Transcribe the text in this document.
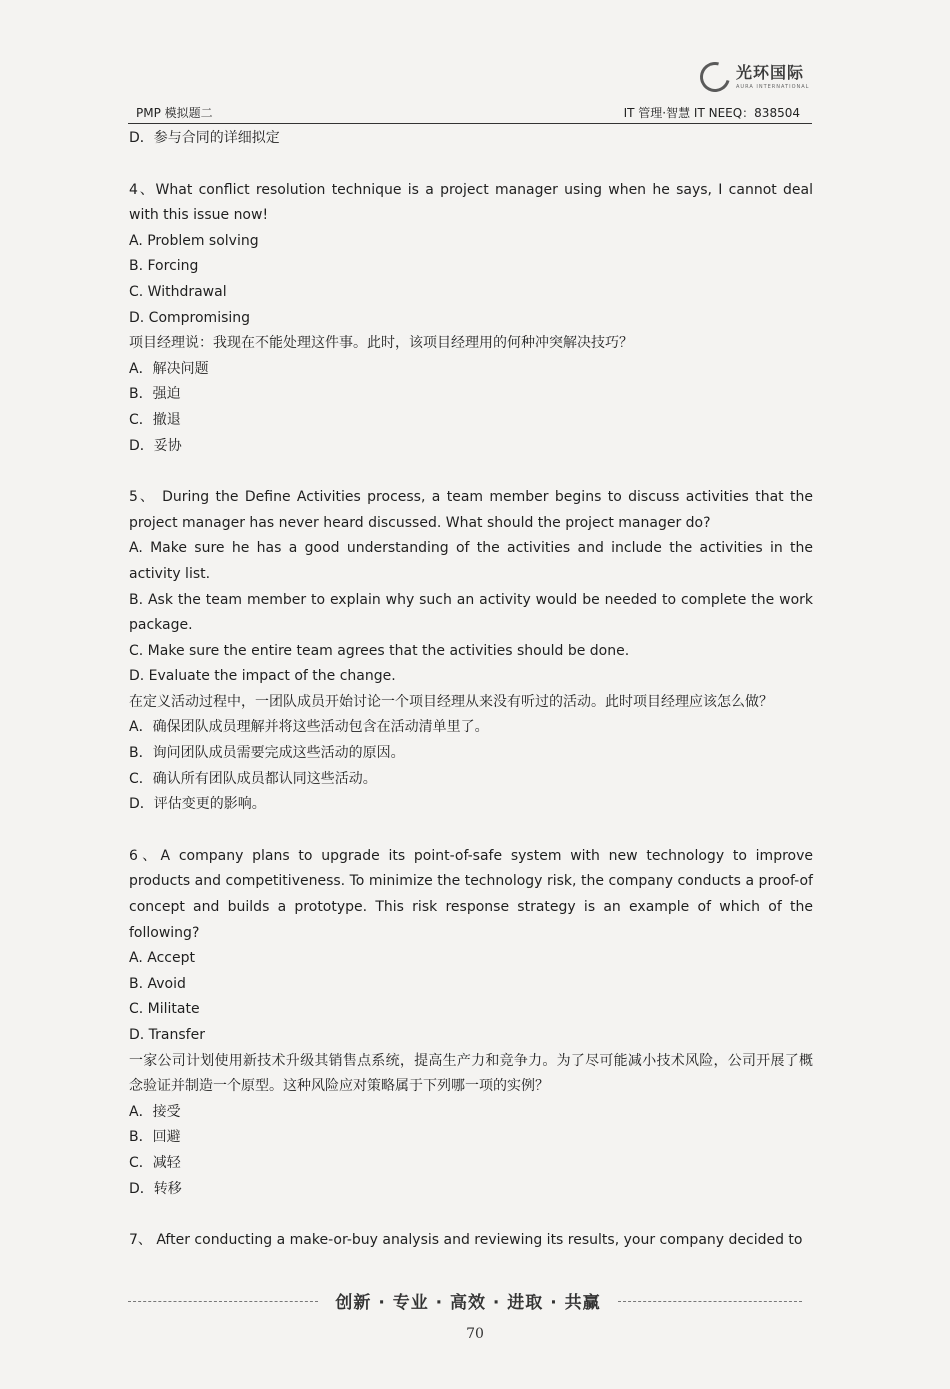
光环国际
AURA INTERNATIONAL
PMP 模拟题二	IT 管理·智慧 IT NEEQ：838504

D．参与合同的详细拟定

4、What conflict resolution technique is a project manager using when he says, I cannot deal with this issue now!

A. Problem solving

B. Forcing

C. Withdrawal

D. Compromising

项目经理说：我现在不能处理这件事。此时，该项目经理用的何种冲突解决技巧？

A．解决问题

B．强迫

C．撤退

D．妥协

5、 During the Define Activities process, a team member begins to discuss activities that the project manager has never heard discussed. What should the project manager do?

A. Make sure he has a good understanding of the activities and include the activities in the activity list.

B. Ask the team member to explain why such an activity would be needed to complete the work package.

C. Make sure the entire team agrees that the activities should be done.

D. Evaluate the impact of the change.

在定义活动过程中，一团队成员开始讨论一个项目经理从来没有听过的活动。此时项目经理应该怎么做？

A．确保团队成员理解并将这些活动包含在活动清单里了。

B．询问团队成员需要完成这些活动的原因。

C．确认所有团队成员都认同这些活动。

D．评估变更的影响。

6、A company plans to upgrade its point-of-safe system with new technology to improve products and competitiveness. To minimize the technology risk, the company conducts a proof-of concept and builds a prototype. This risk response strategy is an example of which of the following?

A. Accept

B. Avoid

C. Militate

D. Transfer

一家公司计划使用新技术升级其销售点系统，提高生产力和竞争力。为了尽可能减小技术风险，公司开展了概念验证并制造一个原型。这种风险应对策略属于下列哪一项的实例？

A．接受

B．回避

C．减轻

D．转移

7、 After conducting a make-or-buy analysis and reviewing its results, your company decided to

创新 · 专业 · 高效 · 进取 · 共赢
70
